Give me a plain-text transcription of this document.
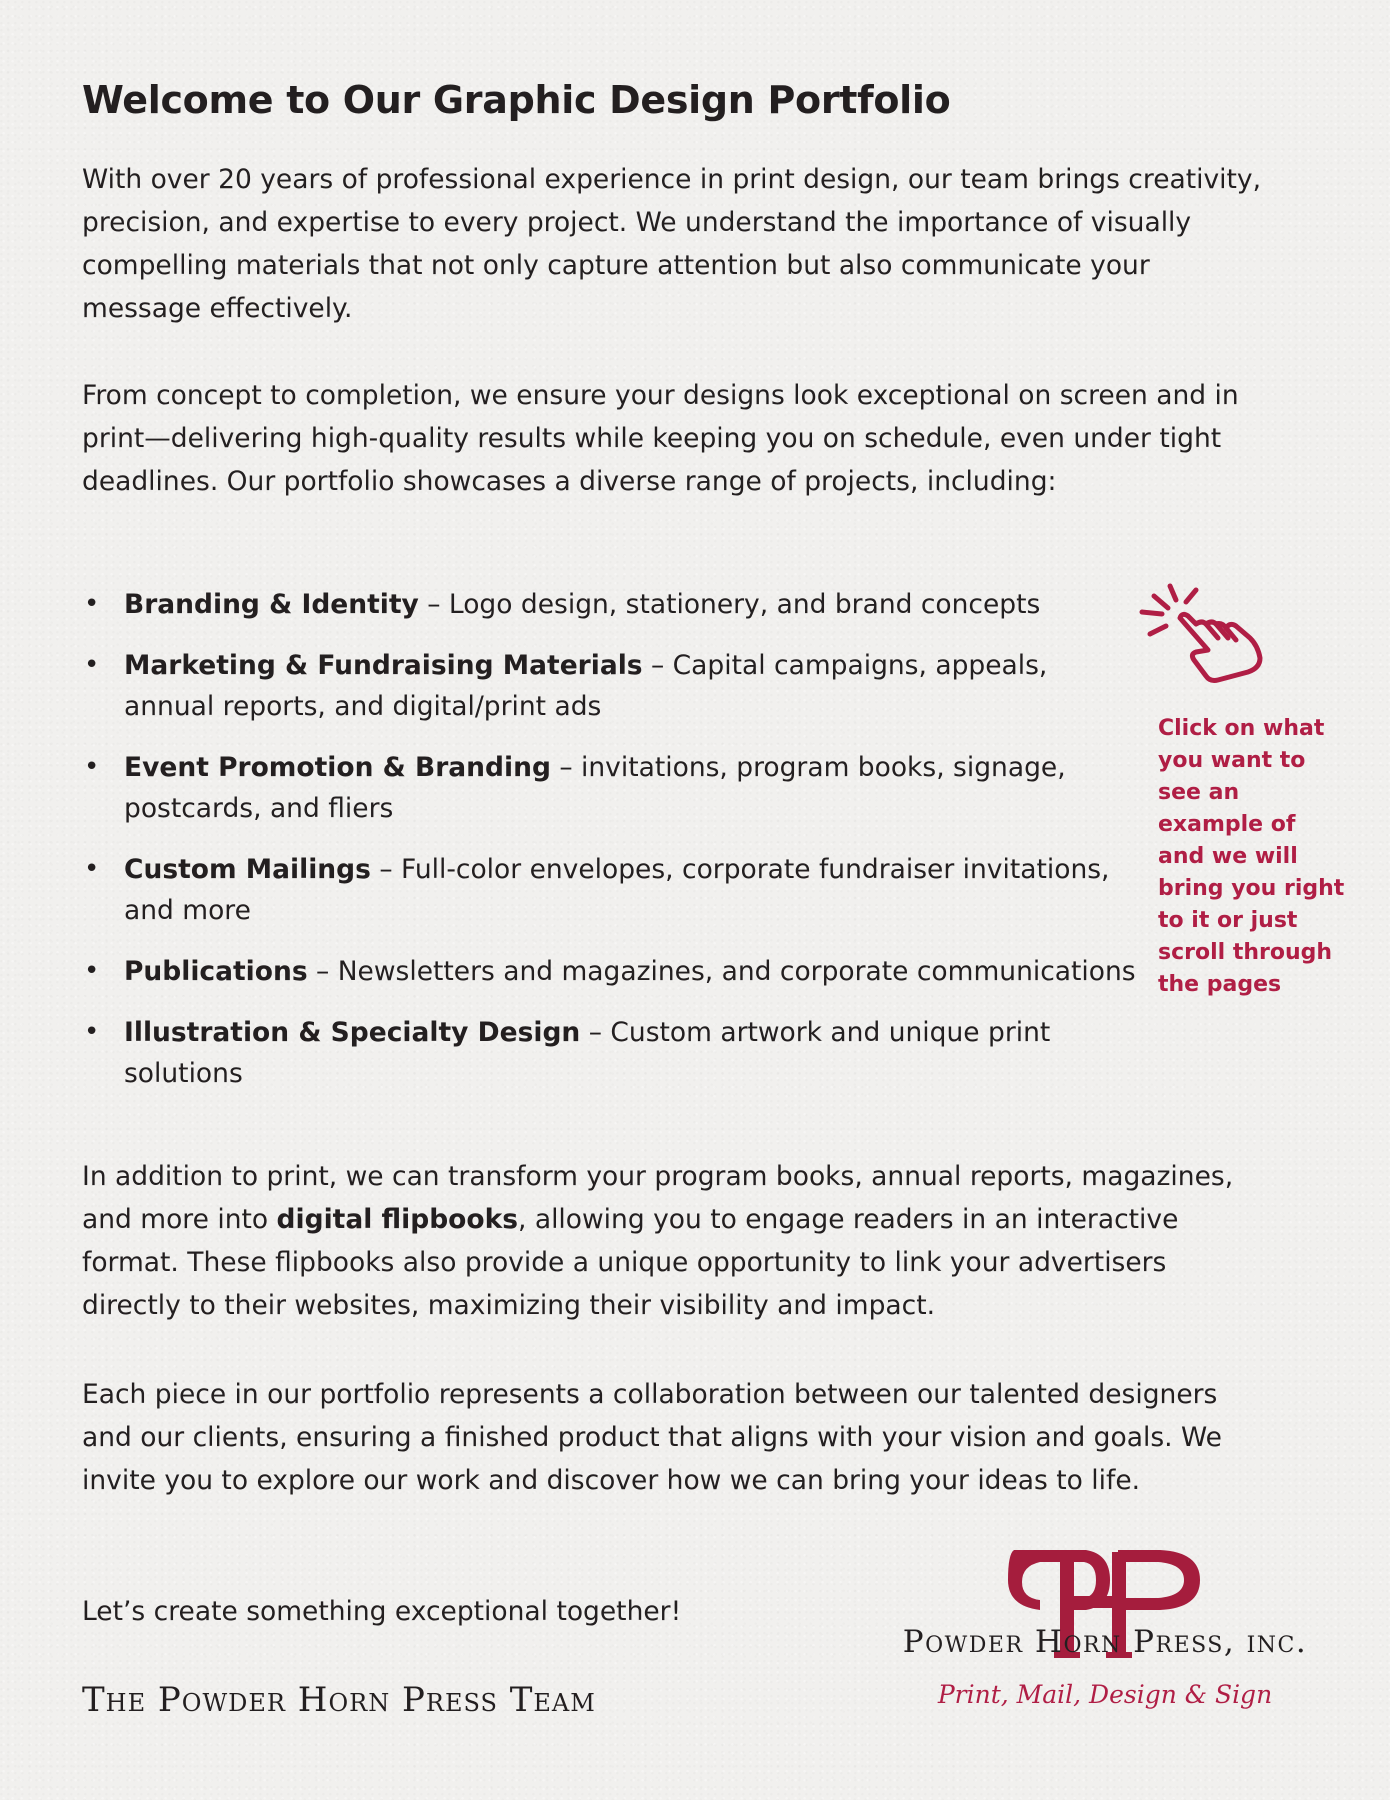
Welcome to Our Graphic Design Portfolio

With over 20 years of professional experience in print design, our team brings creativity, precision, and expertise to every project. We understand the importance of visually compelling materials that not only capture attention but also communicate your message effectively.

From concept to completion, we ensure your designs look exceptional on screen and in print—delivering high-quality results while keeping you on schedule, even under tight deadlines. Our portfolio showcases a diverse range of projects, including:

• Branding & Identity – Logo design, stationery, and brand concepts
• Marketing & Fundraising Materials – Capital campaigns, appeals, annual reports, and digital/print ads
• Event Promotion & Branding – invitations, program books, signage, postcards, and fliers
• Custom Mailings – Full-color envelopes, corporate fundraiser invitations, and more
• Publications – Newsletters and magazines, and corporate communications
• Illustration & Specialty Design – Custom artwork and unique print solutions

Click on what you want to see an example of and we will bring you right to it or just scroll through the pages

In addition to print, we can transform your program books, annual reports, magazines, and more into digital flipbooks, allowing you to engage readers in an interactive format. These flipbooks also provide a unique opportunity to link your advertisers directly to their websites, maximizing their visibility and impact.

Each piece in our portfolio represents a collaboration between our talented designers and our clients, ensuring a finished product that aligns with your vision and goals. We invite you to explore our work and discover how we can bring your ideas to life.

Let’s create something exceptional together!

The Powder Horn Press Team

Powder Horn Press, inc.

Print, Mail, Design & Sign
